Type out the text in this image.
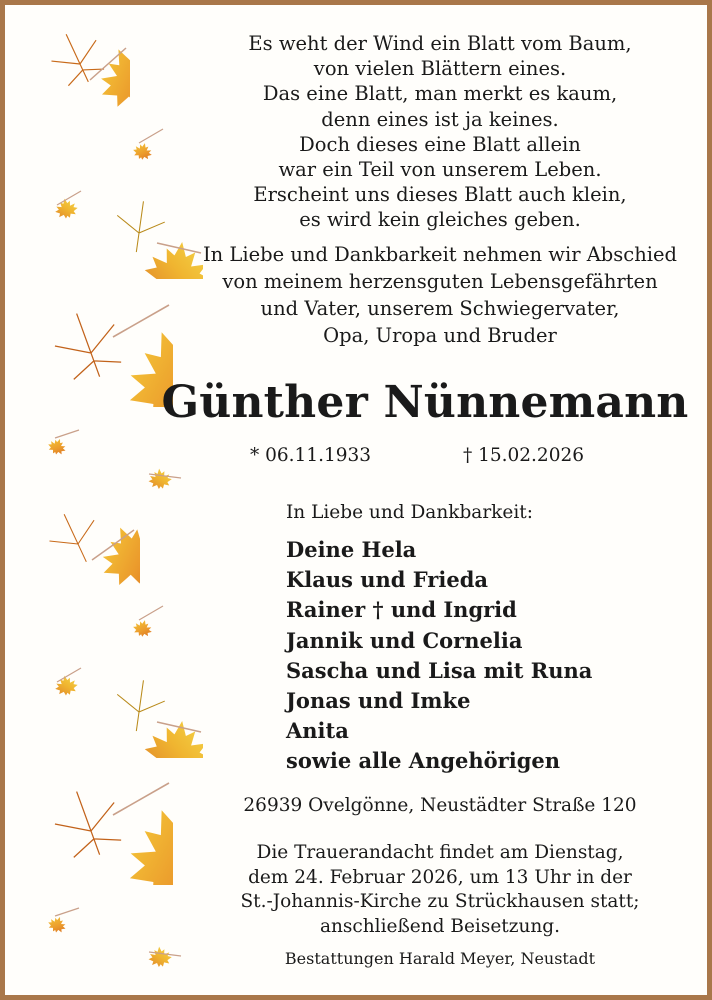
Es weht der Wind ein Blatt vom Baum,
von vielen Blättern eines.
Das eine Blatt, man merkt es kaum,
denn eines ist ja keines.
Doch dieses eine Blatt allein
war ein Teil von unserem Leben.
Erscheint uns dieses Blatt auch klein,
es wird kein gleiches geben.
In Liebe und Dankbarkeit nehmen wir Abschied
von meinem herzensguten Lebensgefährten
und Vater, unserem Schwiegervater,
Opa, Uropa und Bruder
Günther Nünnemann
* 06.11.1933	† 15.02.2026
In Liebe und Dankbarkeit:
Deine Hela
Klaus und Frieda
Rainer † und Ingrid
Jannik und Cornelia
Sascha und Lisa mit Runa
Jonas und Imke
Anita
sowie alle Angehörigen
26939 Ovelgönne, Neustädter Straße 120
Die Trauerandacht findet am Dienstag,
dem 24. Februar 2026, um 13 Uhr in der
St.-Johannis-Kirche zu Strückhausen statt;
anschließend Beisetzung.
Bestattungen Harald Meyer, Neustadt
